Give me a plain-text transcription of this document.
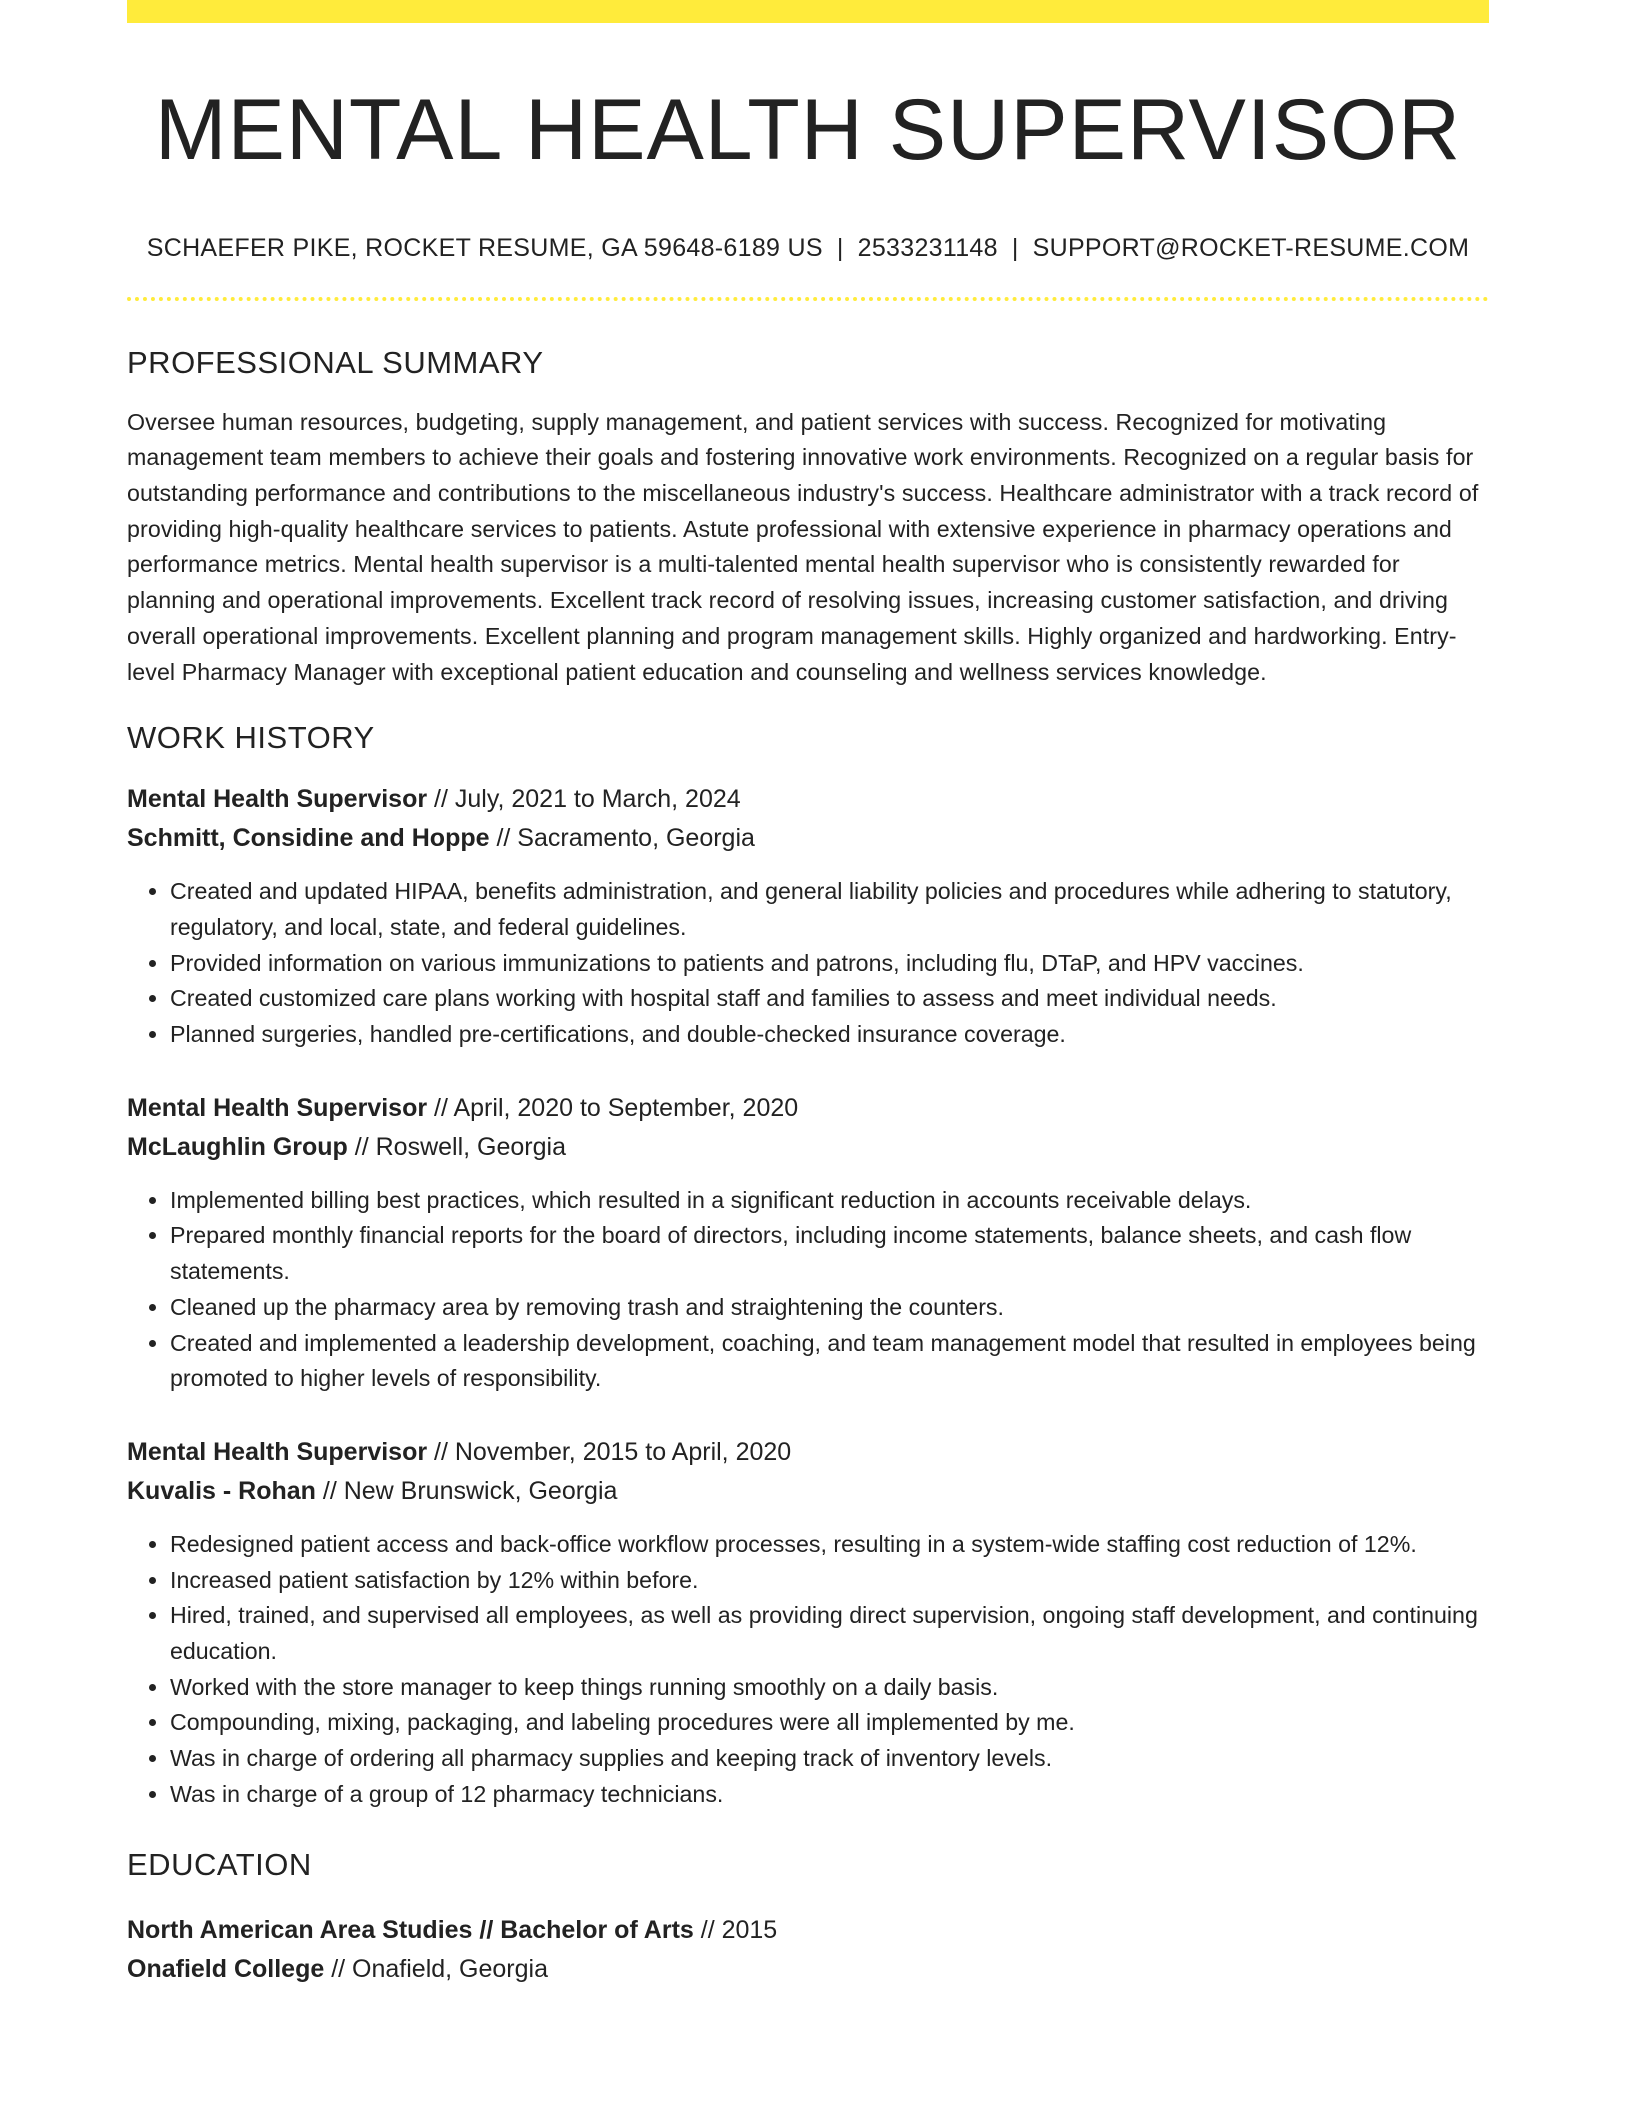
MENTAL HEALTH SUPERVISOR
SCHAEFER PIKE, ROCKET RESUME, GA 59648-6189 US | 2533231148 | SUPPORT@ROCKET-RESUME.COM
PROFESSIONAL SUMMARY
Oversee human resources, budgeting, supply management, and patient services with success. Recognized for motivating management team members to achieve their goals and fostering innovative work environments. Recognized on a regular basis for outstanding performance and contributions to the miscellaneous industry's success. Healthcare administrator with a track record of providing high-quality healthcare services to patients. Astute professional with extensive experience in pharmacy operations and performance metrics. Mental health supervisor is a multi-talented mental health supervisor who is consistently rewarded for planning and operational improvements. Excellent track record of resolving issues, increasing customer satisfaction, and driving overall operational improvements. Excellent planning and program management skills. Highly organized and hardworking. Entry-level Pharmacy Manager with exceptional patient education and counseling and wellness services knowledge.
WORK HISTORY
Mental Health Supervisor // July, 2021 to March, 2024
Schmitt, Considine and Hoppe // Sacramento, Georgia
• Created and updated HIPAA, benefits administration, and general liability policies and procedures while adhering to statutory, regulatory, and local, state, and federal guidelines.
• Provided information on various immunizations to patients and patrons, including flu, DTaP, and HPV vaccines.
• Created customized care plans working with hospital staff and families to assess and meet individual needs.
• Planned surgeries, handled pre-certifications, and double-checked insurance coverage.
Mental Health Supervisor // April, 2020 to September, 2020
McLaughlin Group // Roswell, Georgia
• Implemented billing best practices, which resulted in a significant reduction in accounts receivable delays.
• Prepared monthly financial reports for the board of directors, including income statements, balance sheets, and cash flow statements.
• Cleaned up the pharmacy area by removing trash and straightening the counters.
• Created and implemented a leadership development, coaching, and team management model that resulted in employees being promoted to higher levels of responsibility.
Mental Health Supervisor // November, 2015 to April, 2020
Kuvalis - Rohan // New Brunswick, Georgia
• Redesigned patient access and back-office workflow processes, resulting in a system-wide staffing cost reduction of 12%.
• Increased patient satisfaction by 12% within before.
• Hired, trained, and supervised all employees, as well as providing direct supervision, ongoing staff development, and continuing education.
• Worked with the store manager to keep things running smoothly on a daily basis.
• Compounding, mixing, packaging, and labeling procedures were all implemented by me.
• Was in charge of ordering all pharmacy supplies and keeping track of inventory levels.
• Was in charge of a group of 12 pharmacy technicians.
EDUCATION
North American Area Studies // Bachelor of Arts // 2015
Onafield College // Onafield, Georgia
